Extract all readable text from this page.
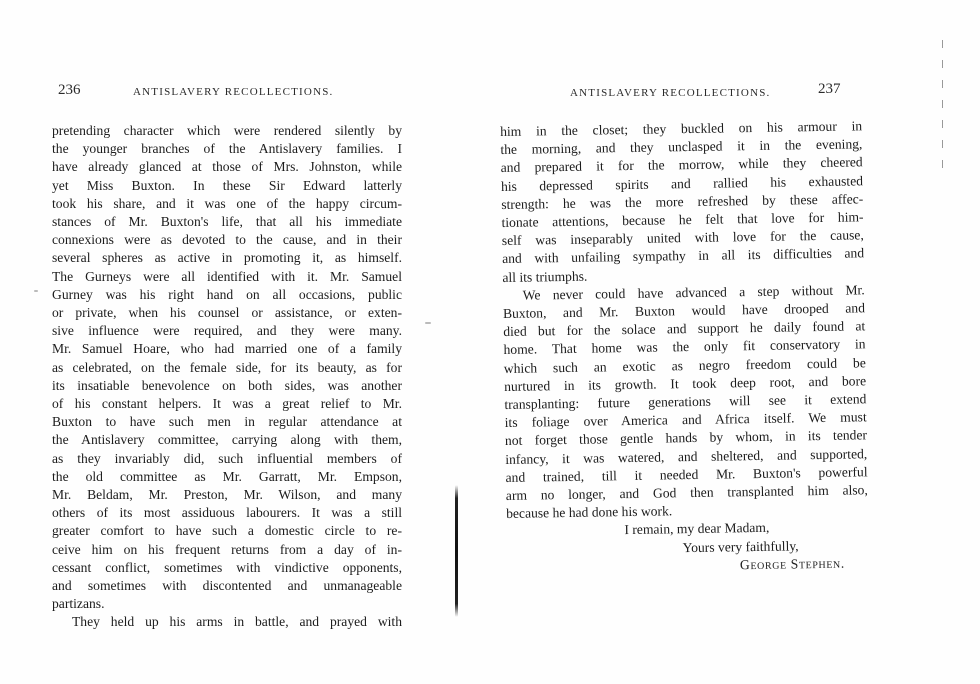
236	ANTISLAVERY RECOLLECTIONS.
pretending character which were rendered silently by
the younger branches of the Antislavery families. I
have already glanced at those of Mrs. Johnston, while
yet Miss Buxton. In these Sir Edward latterly
took his share, and it was one of the happy circum-
stances of Mr. Buxton's life, that all his immediate
connexions were as devoted to the cause, and in their
several spheres as active in promoting it, as himself.
The Gurneys were all identified with it. Mr. Samuel
Gurney was his right hand on all occasions, public
or private, when his counsel or assistance, or exten-
sive influence were required, and they were many.
Mr. Samuel Hoare, who had married one of a family
as celebrated, on the female side, for its beauty, as for
its insatiable benevolence on both sides, was another
of his constant helpers. It was a great relief to Mr.
Buxton to have such men in regular attendance at
the Antislavery committee, carrying along with them,
as they invariably did, such influential members of
the old committee as Mr. Garratt, Mr. Empson,
Mr. Beldam, Mr. Preston, Mr. Wilson, and many
others of its most assiduous labourers. It was a still
greater comfort to have such a domestic circle to re-
ceive him on his frequent returns from a day of in-
cessant conflict, sometimes with vindictive opponents,
and sometimes with discontented and unmanageable
partizans.
They held up his arms in battle, and prayed with
ANTISLAVERY RECOLLECTIONS.	237
him in the closet; they buckled on his armour in
the morning, and they unclasped it in the evening,
and prepared it for the morrow, while they cheered
his depressed spirits and rallied his exhausted
strength: he was the more refreshed by these affec-
tionate attentions, because he felt that love for him-
self was inseparably united with love for the cause,
and with unfailing sympathy in all its difficulties and
all its triumphs.
We never could have advanced a step without Mr.
Buxton, and Mr. Buxton would have drooped and
died but for the solace and support he daily found at
home. That home was the only fit conservatory in
which such an exotic as negro freedom could be
nurtured in its growth. It took deep root, and bore
transplanting: future generations will see it extend
its foliage over America and Africa itself. We must
not forget those gentle hands by whom, in its tender
infancy, it was watered, and sheltered, and supported,
and trained, till it needed Mr. Buxton's powerful
arm no longer, and God then transplanted him also,
because he had done his work.
I remain, my dear Madam,
Yours very faithfully,
George Stephen.
